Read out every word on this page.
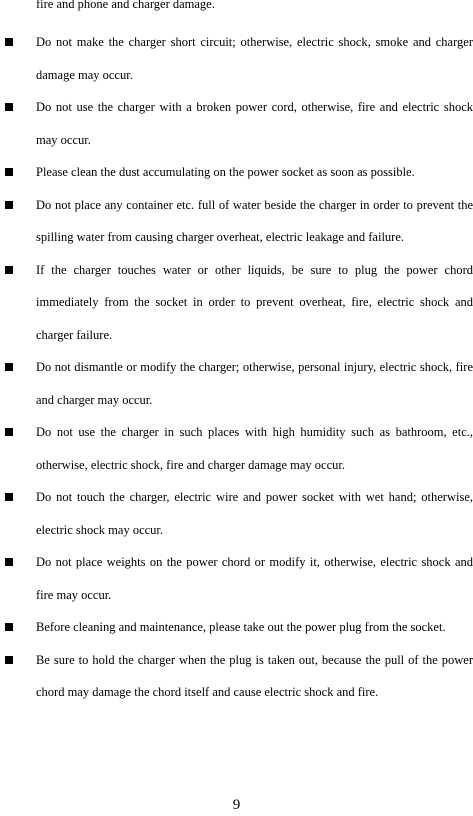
fire and phone and charger damage.
Do not make the charger short circuit; otherwise, electric shock, smoke and charger damage may occur.
Do not use the charger with a broken power cord, otherwise, fire and electric shock may occur.
Please clean the dust accumulating on the power socket as soon as possible.
Do not place any container etc. full of water beside the charger in order to prevent the spilling water from causing charger overheat, electric leakage and failure.
If the charger touches water or other liquids, be sure to plug the power chord immediately from the socket in order to prevent overheat, fire, electric shock and charger failure.
Do not dismantle or modify the charger; otherwise, personal injury, electric shock, fire and charger may occur.
Do not use the charger in such places with high humidity such as bathroom, etc., otherwise, electric shock, fire and charger damage may occur.
Do not touch the charger, electric wire and power socket with wet hand; otherwise, electric shock may occur.
Do not place weights on the power chord or modify it, otherwise, electric shock and fire may occur.
Before cleaning and maintenance, please take out the power plug from the socket.
Be sure to hold the charger when the plug is taken out, because the pull of the power chord may damage the chord itself and cause electric shock and fire.
9
